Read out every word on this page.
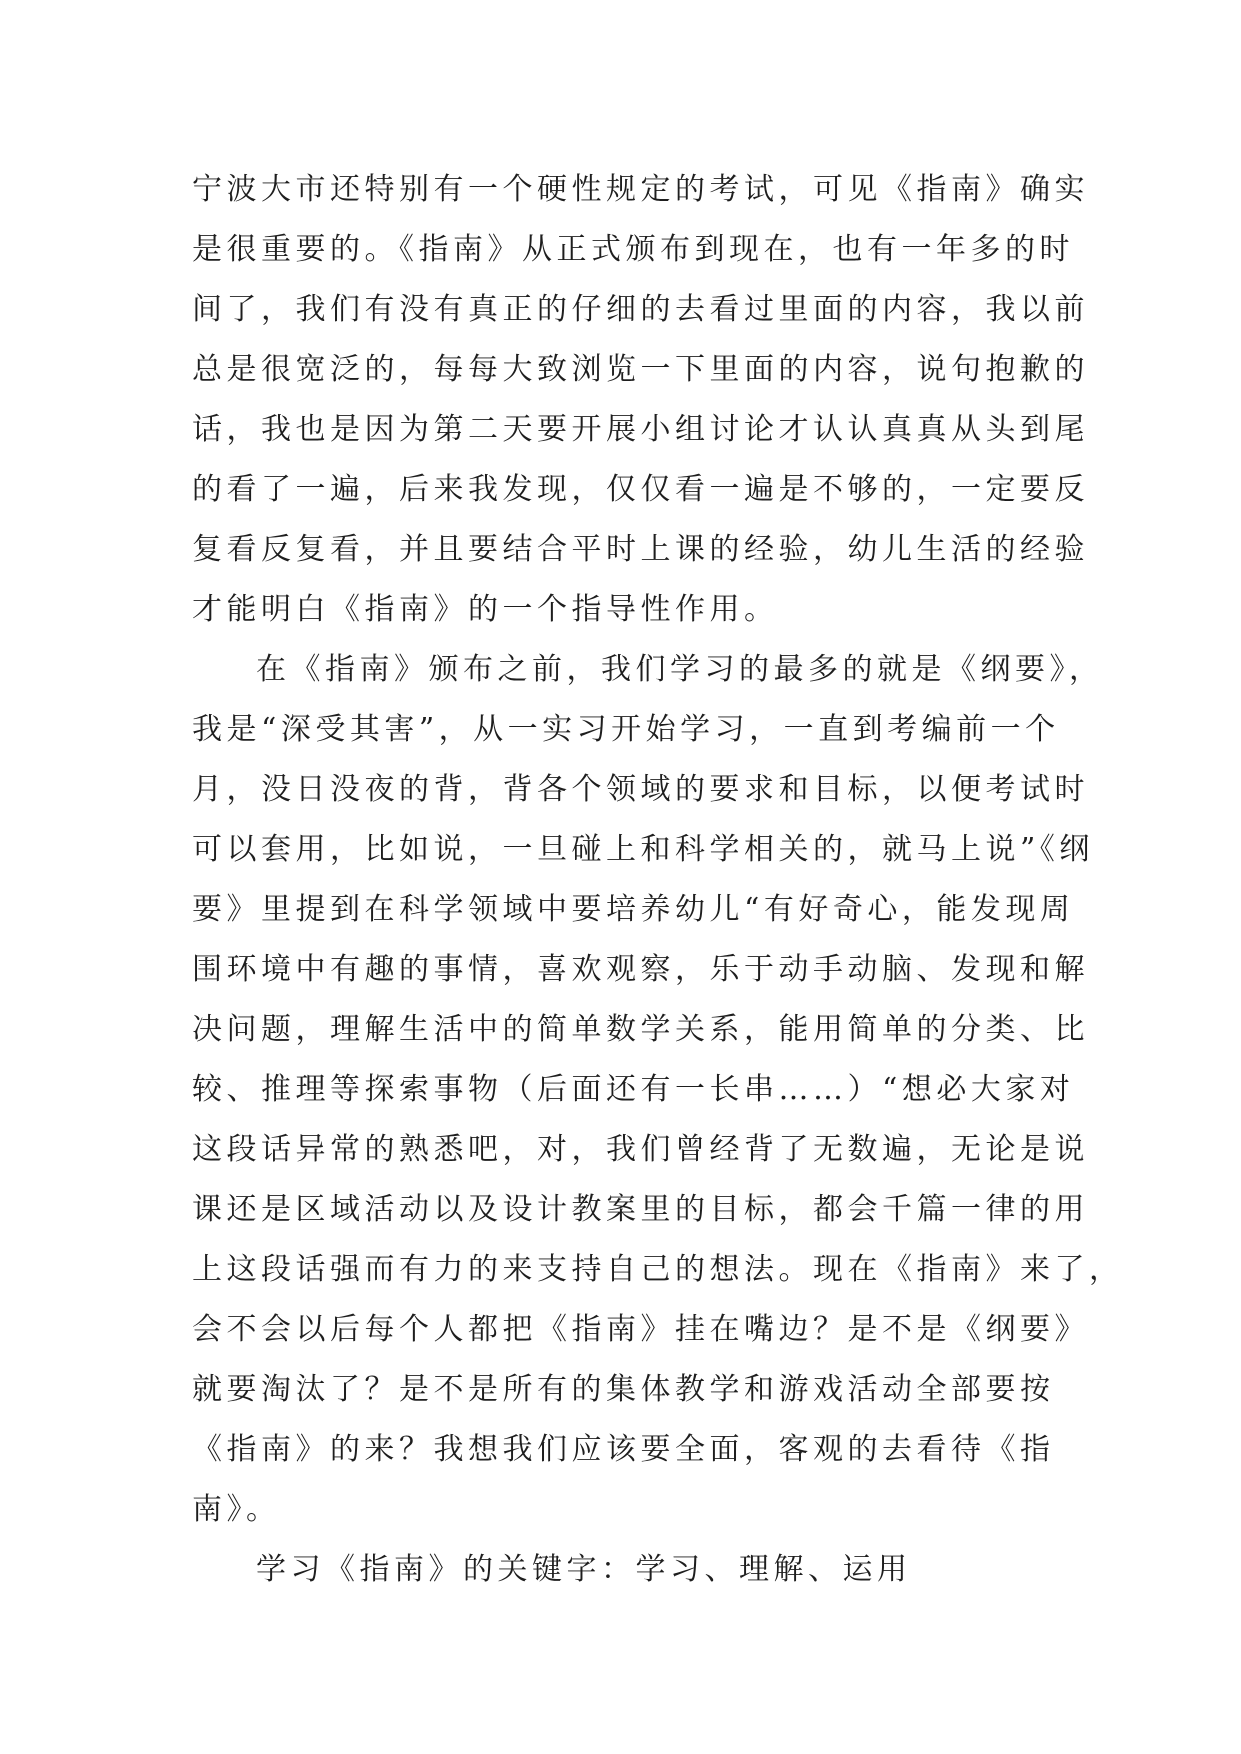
宁波大市还特别有一个硬性规定的考试，可见《指南》确实
是很重要的。《指南》从正式颁布到现在，也有一年多的时
间了，我们有没有真正的仔细的去看过里面的内容，我以前
总是很宽泛的，每每大致浏览一下里面的内容，说句抱歉的
话，我也是因为第二天要开展小组讨论才认认真真从头到尾
的看了一遍，后来我发现，仅仅看一遍是不够的，一定要反
复看反复看，并且要结合平时上课的经验，幼儿生活的经验
才能明白《指南》的一个指导性作用。
在《指南》颁布之前，我们学习的最多的就是《纲要》，
我是“深受其害”，从一实习开始学习，一直到考编前一个
月，没日没夜的背，背各个领域的要求和目标，以便考试时
可以套用，比如说，一旦碰上和科学相关的，就马上说”《纲
要》里提到在科学领域中要培养幼儿“有好奇心，能发现周
围环境中有趣的事情，喜欢观察，乐于动手动脑、发现和解
决问题，理解生活中的简单数学关系，能用简单的分类、比
较、推理等探索事物（后面还有一长串……）“想必大家对
这段话异常的熟悉吧，对，我们曾经背了无数遍，无论是说
课还是区域活动以及设计教案里的目标，都会千篇一律的用
上这段话强而有力的来支持自己的想法。现在《指南》来了，
会不会以后每个人都把《指南》挂在嘴边？是不是《纲要》
就要淘汰了？是不是所有的集体教学和游戏活动全部要按
《指南》的来？我想我们应该要全面，客观的去看待《指
南》。
学习《指南》的关键字：学习、理解、运用
